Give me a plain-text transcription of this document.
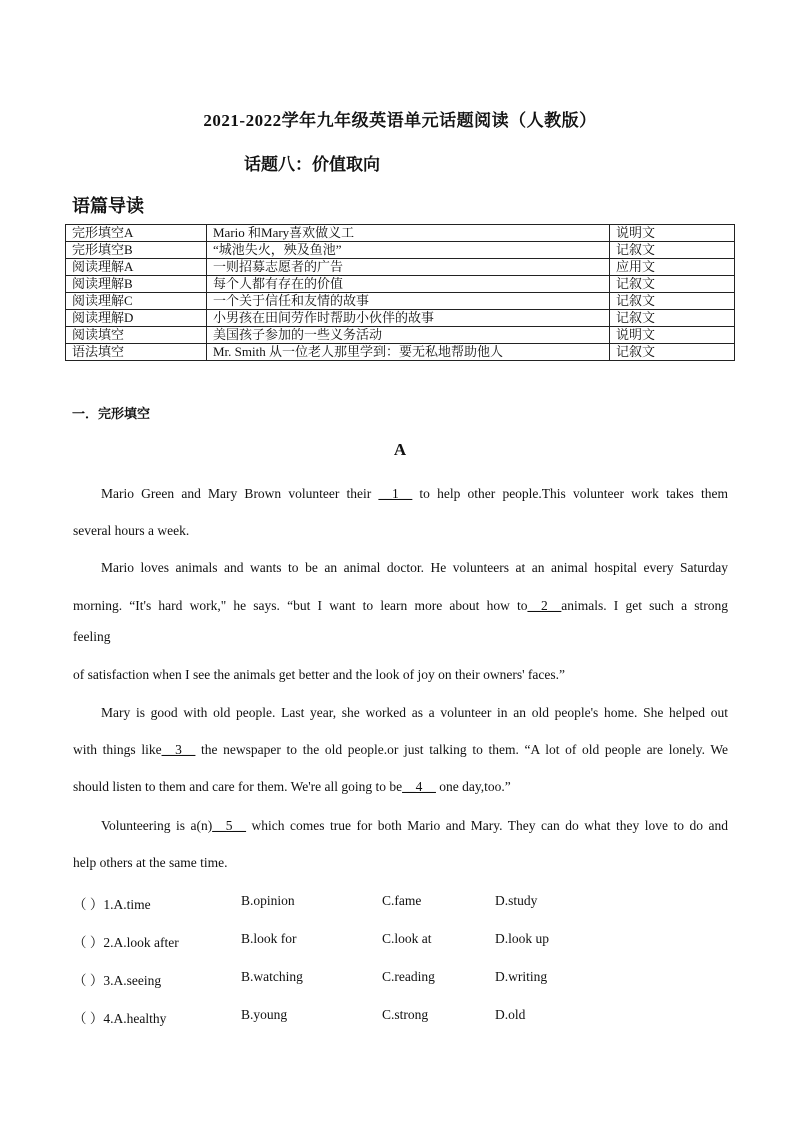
2021-2022学年九年级英语单元话题阅读（人教版）
话题八：价值取向
语篇导读
完形填空A	Mario 和Mary喜欢做义工	说明文
完形填空B	“城池失火，殃及鱼池”	记叙文
阅读理解A	一则招募志愿者的广告	应用文
阅读理解B	每个人都有存在的价值	记叙文
阅读理解C	一个关于信任和友情的故事	记叙文
阅读理解D	小男孩在田间劳作时帮助小伙伴的故事	记叙文
阅读填空	美国孩子参加的一些义务活动	说明文
语法填空	Mr. Smith 从一位老人那里学到：要无私地帮助他人	记叙文
一．完形填空
A
Mario Green and Mary Brown volunteer their __1__ to help other people.This volunteer work takes them
several hours a week.
Mario loves animals and wants to be an animal doctor. He volunteers at an animal hospital every Saturday
morning. “It's hard work," he says. “but I want to learn more about how to__2__animals. I get such a strong
feeling
of satisfaction when I see the animals get better and the look of joy on their owners' faces.”
Mary is good with old people. Last year, she worked as a volunteer in an old people's home. She helped out
with things like__3__ the newspaper to the old people.or just talking to them. “A lot of old people are lonely. We
should listen to them and care for them. We're all going to be__4__ one day,too.”
Volunteering is a(n)__5__ which comes true for both Mario and Mary. They can do what they love to do and
help others at the same time.
（ ）1.A.time	B.opinion	C.fame	D.study
（ ）2.A.look after	B.look for	C.look at	D.look up
（ ）3.A.seeing	B.watching	C.reading	D.writing
（ ）4.A.healthy	B.young	C.strong	D.old
